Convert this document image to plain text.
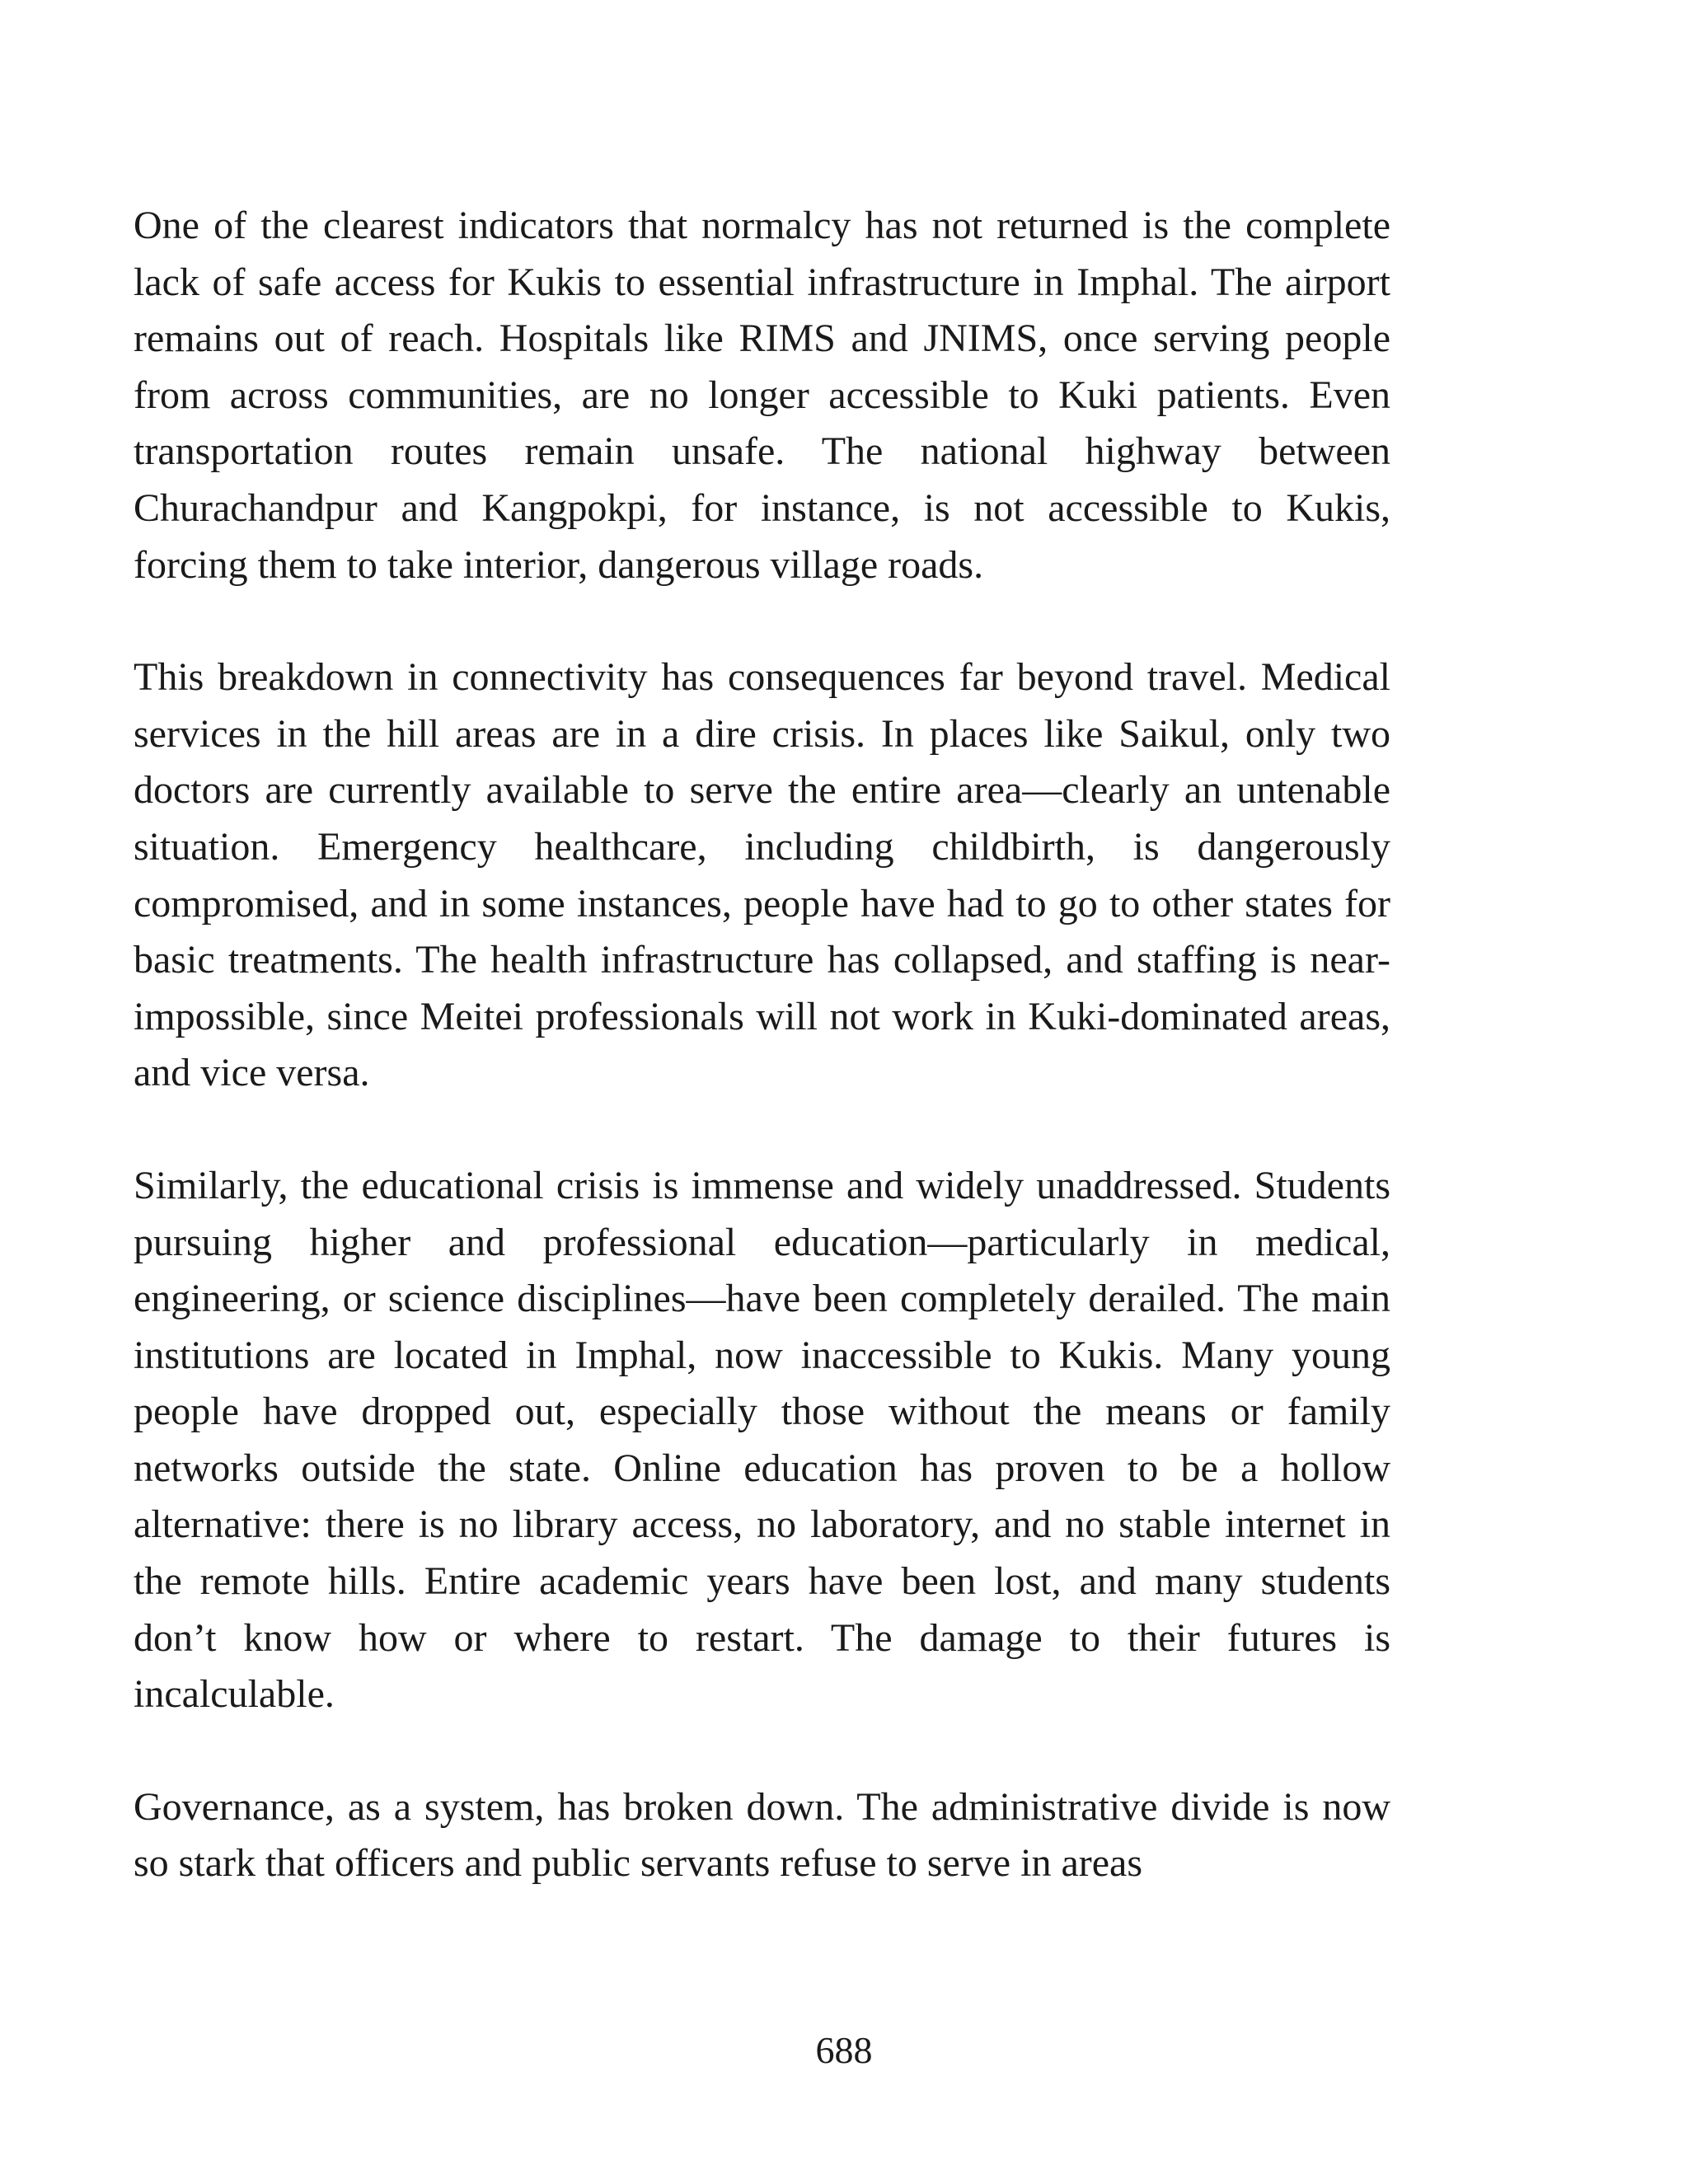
One of the clearest indicators that normalcy has not returned is the complete lack of safe access for Kukis to essential infrastructure in Imphal. The airport remains out of reach. Hospitals like RIMS and JNIMS, once serving people from across communities, are no longer accessible to Kuki patients. Even transportation routes remain unsafe. The national highway between Churachandpur and Kangpokpi, for instance, is not accessible to Kukis, forcing them to take interior, dangerous village roads.

This breakdown in connectivity has consequences far beyond travel. Medical services in the hill areas are in a dire crisis. In places like Saikul, only two doctors are currently available to serve the entire area—clearly an untenable situation. Emergency healthcare, including childbirth, is dangerously compromised, and in some instances, people have had to go to other states for basic treatments. The health infrastructure has collapsed, and staffing is near-impossible, since Meitei professionals will not work in Kuki-dominated areas, and vice versa.

Similarly, the educational crisis is immense and widely unaddressed. Students pursuing higher and professional education—particularly in medical, engineering, or science disciplines—have been completely derailed. The main institutions are located in Imphal, now inaccessible to Kukis. Many young people have dropped out, especially those without the means or family networks outside the state. Online education has proven to be a hollow alternative: there is no library access, no laboratory, and no stable internet in the remote hills. Entire academic years have been lost, and many students don’t know how or where to restart. The damage to their futures is incalculable.

Governance, as a system, has broken down. The administrative divide is now so stark that officers and public servants refuse to serve in areas

688
